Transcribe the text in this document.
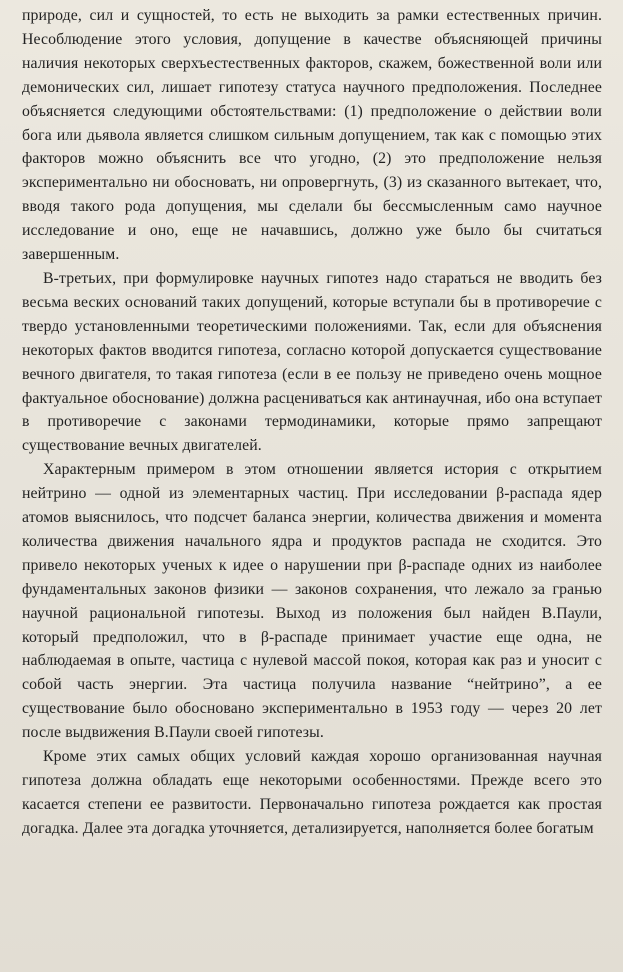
природе, сил и сущностей, то есть не выходить за рамки естественных причин. Несоблюдение этого условия, допущение в качестве объясняющей причины наличия некоторых сверхъестественных факторов, скажем, божественной воли или демонических сил, лишает гипотезу статуса научного предположения. Последнее объясняется следующими обстоятельствами: (1) предположение о действии воли бога или дьявола является слишком сильным допущением, так как с помощью этих факторов можно объяснить все что угодно, (2) это предположение нельзя экспериментально ни обосновать, ни опровергнуть, (3) из сказанного вытекает, что, вводя такого рода допущения, мы сделали бы бессмысленным само научное исследование и оно, еще не начавшись, должно уже было бы считаться завершенным.

В-третьих, при формулировке научных гипотез надо стараться не вводить без весьма веских оснований таких допущений, которые вступали бы в противоречие с твердо установленными теоретическими положениями. Так, если для объяснения некоторых фактов вводится гипотеза, согласно которой допускается существование вечного двигателя, то такая гипотеза (если в ее пользу не приведено очень мощное фактуальное обоснование) должна расцениваться как антинаучная, ибо она вступает в противоречие с законами термодинамики, которые прямо запрещают существование вечных двигателей.

Характерным примером в этом отношении является история с открытием нейтрино — одной из элементарных частиц. При исследовании β-распада ядер атомов выяснилось, что подсчет баланса энергии, количества движения и момента количества движения начального ядра и продуктов распада не сходится. Это привело некоторых ученых к идее о нарушении при β-распаде одних из наиболее фундаментальных законов физики — законов сохранения, что лежало за гранью научной рациональной гипотезы. Выход из положения был найден В.Паули, который предположил, что в β-распаде принимает участие еще одна, не наблюдаемая в опыте, частица с нулевой массой покоя, которая как раз и уносит с собой часть энергии. Эта частица получила название “нейтрино”, а ее существование было обосновано экспериментально в 1953 году — через 20 лет после выдвижения В.Паули своей гипотезы.

Кроме этих самых общих условий каждая хорошо организованная научная гипотеза должна обладать еще некоторыми особенностями. Прежде всего это касается степени ее развитости. Первоначально гипотеза рождается как простая догадка. Далее эта догадка уточняется, детализируется, наполняется более богатым
